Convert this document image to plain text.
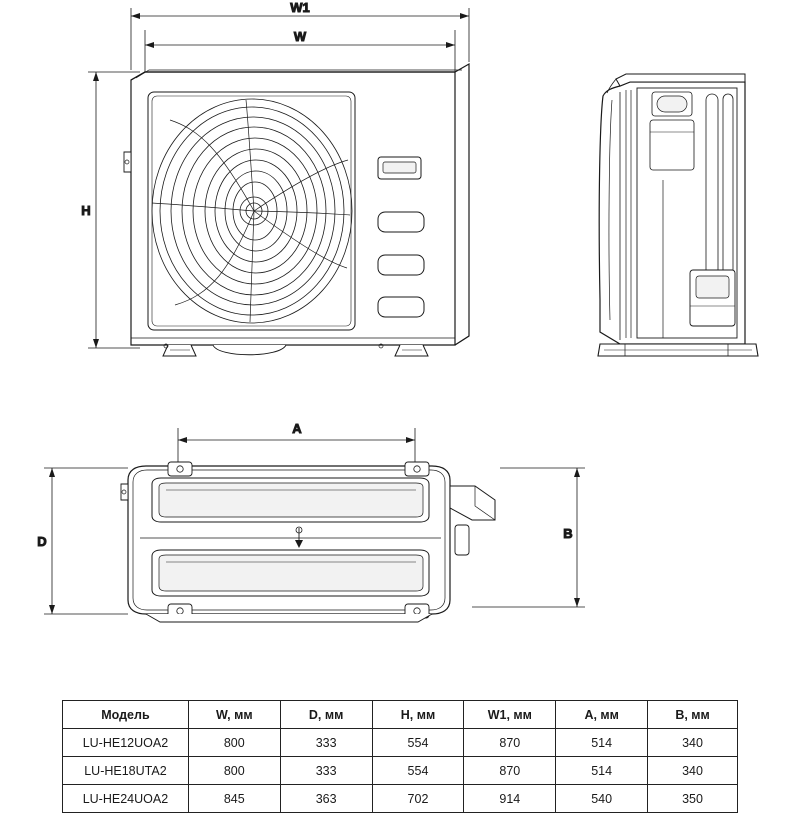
W1
W
H
A
D
B
Модель	W, мм	D, мм	H, мм	W1, мм	A, мм	B, мм
LU-HE12UOA2	800	333	554	870	514	340
LU-HE18UTA2	800	333	554	870	514	340
LU-HE24UOA2	845	363	702	914	540	350
